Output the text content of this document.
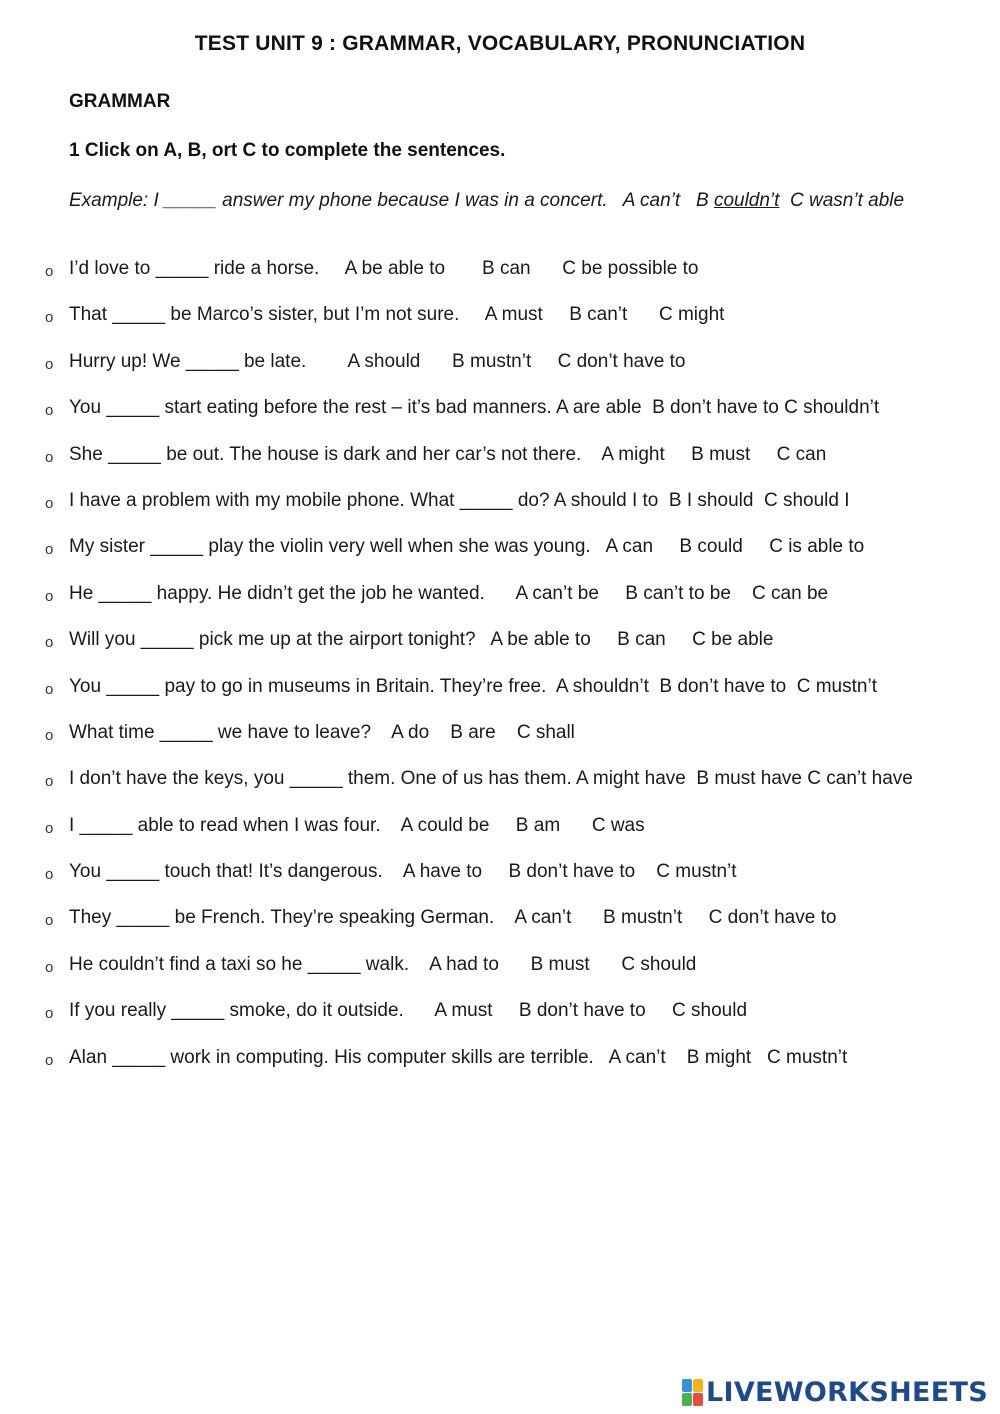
TEST UNIT 9 : GRAMMAR, VOCABULARY, PRONUNCIATION
GRAMMAR
1 Click on A, B, ort C to complete the sentences.
Example: I _____ answer my phone because I was in a concert.   A can’t   B couldn’t  C wasn’t able
o I’d love to _____ ride a horse.     A be able to       B can      C be possible to
o That _____ be Marco’s sister, but I’m not sure.     A must     B can’t      C might
o Hurry up! We _____ be late.        A should      B mustn’t     C don’t have to
o You _____ start eating before the rest – it’s bad manners. A are able  B don’t have to C shouldn’t
o She _____ be out. The house is dark and her car’s not there.    A might     B must     C can
o I have a problem with my mobile phone. What _____ do? A should I to  B I should  C should I
o My sister _____ play the violin very well when she was young.   A can     B could     C is able to
o He _____ happy. He didn’t get the job he wanted.      A can’t be     B can’t to be    C can be
o Will you _____ pick me up at the airport tonight?   A be able to     B can     C be able
o You _____ pay to go in museums in Britain. They’re free.  A shouldn’t  B don’t have to  C mustn’t
o What time _____ we have to leave?    A do    B are    C shall
o I don’t have the keys, you _____ them. One of us has them. A might have  B must have C can’t have
o I _____ able to read when I was four.    A could be     B am      C was
o You _____ touch that! It’s dangerous.    A have to     B don’t have to    C mustn’t
o They _____ be French. They’re speaking German.    A can’t      B mustn’t     C don’t have to
o He couldn’t find a taxi so he _____ walk.    A had to      B must      C should
o If you really _____ smoke, do it outside.      A must     B don’t have to     C should
o Alan _____ work in computing. His computer skills are terrible.   A can’t    B might   C mustn’t
LIVEWORKSHEETS
